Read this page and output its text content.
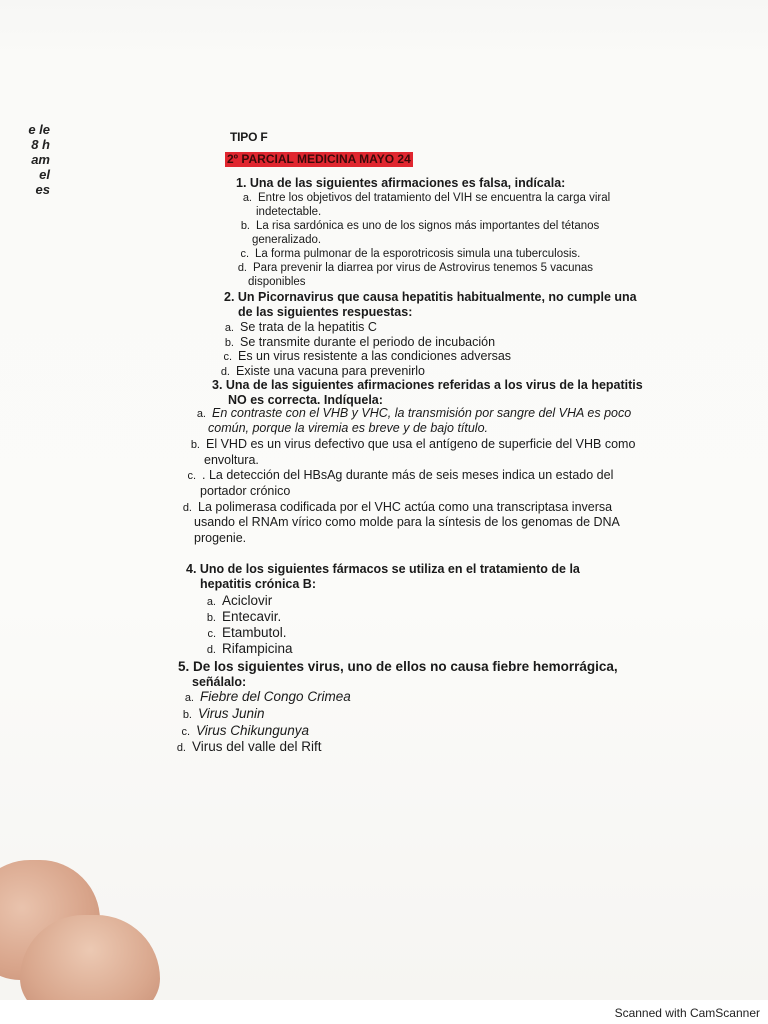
e le
8 h
am
el
es
TIPO F
2º PARCIAL MEDICINA MAYO 24
1. Una de las siguientes afirmaciones es falsa, indícala:
a. Entre los objetivos del tratamiento del VIH se encuentra la carga viral
indetectable.
b. La risa sardónica es uno de los signos más importantes del tétanos
generalizado.
c. La forma pulmonar de la esporotricosis simula una tuberculosis.
d. Para prevenir la diarrea por virus de Astrovirus tenemos 5 vacunas
disponibles
2. Un Picornavirus que causa hepatitis habitualmente, no cumple una
de las siguientes respuestas:
a. Se trata de la hepatitis C
b. Se transmite durante el periodo de incubación
c. Es un virus resistente a las condiciones adversas
d. Existe una vacuna para prevenirlo
3. Una de las siguientes afirmaciones referidas a los virus de la hepatitis
NO es correcta. Indíquela:
a. En contraste con el VHB y VHC, la transmisión por sangre del VHA es poco
común, porque la viremia es breve y de bajo título.
b. El VHD es un virus defectivo que usa el antígeno de superficie del VHB como
envoltura.
c. . La detección del HBsAg durante más de seis meses indica un estado del
portador crónico
d. La polimerasa codificada por el VHC actúa como una transcriptasa inversa
usando el RNAm vírico como molde para la síntesis de los genomas de DNA
progenie.
4. Uno de los siguientes fármacos se utiliza en el tratamiento de la
hepatitis crónica B:
a. Aciclovir
b. Entecavir.
c. Etambutol.
d. Rifampicina
5. De los siguientes virus, uno de ellos no causa fiebre hemorrágica,
señálalo:
a. Fiebre del Congo Crimea
b. Virus Junin
c. Virus Chikungunya
d. Virus del valle del Rift
Scanned with CamScanner
